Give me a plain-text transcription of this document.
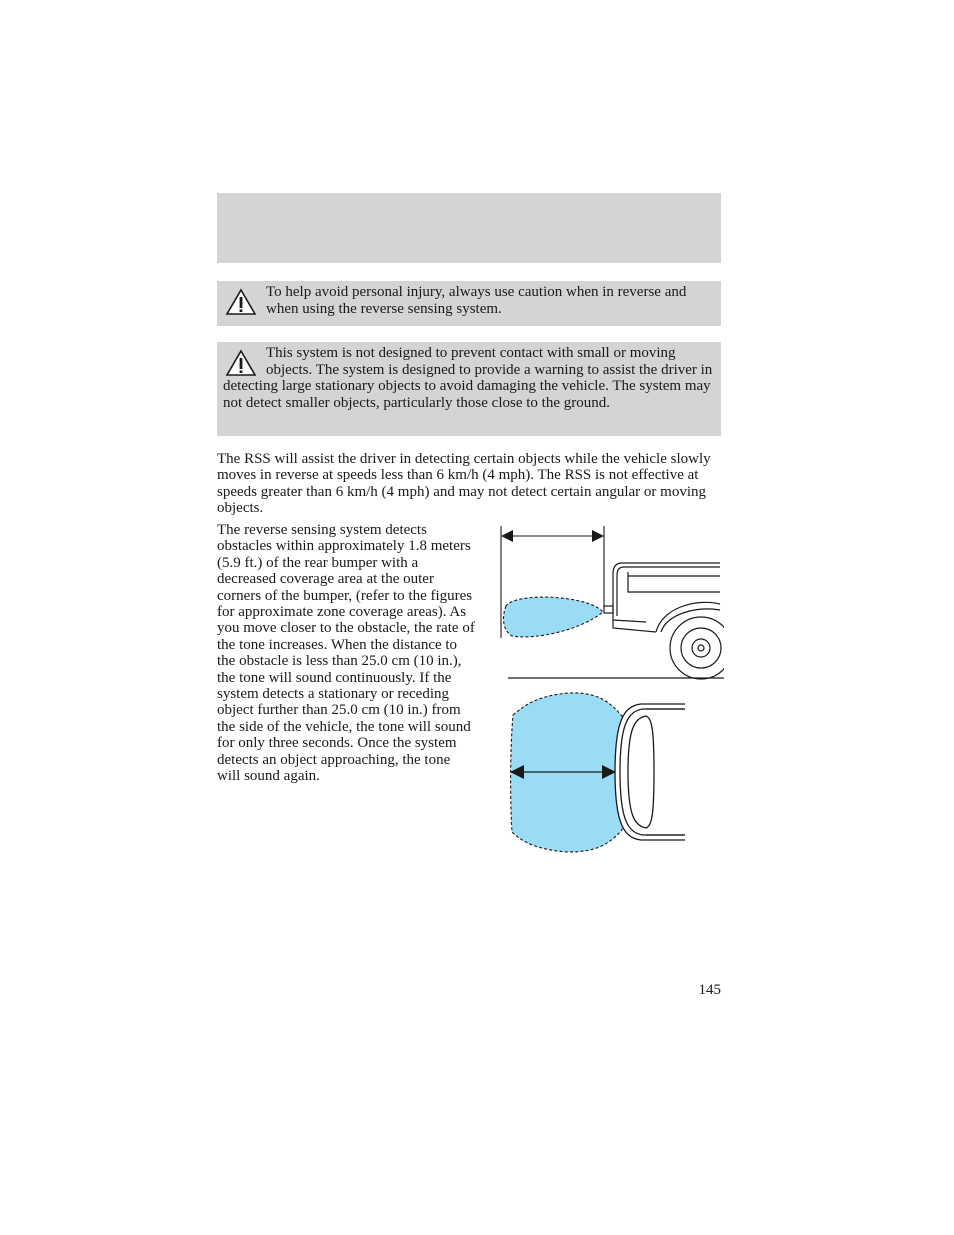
To help avoid personal injury, always use caution when in reverse and when using the reverse sensing system.

This system is not designed to prevent contact with small or moving objects. The system is designed to provide a warning to assist the driver in detecting large stationary objects to avoid damaging the vehicle. The system may not detect smaller objects, particularly those close to the ground.

The RSS will assist the driver in detecting certain objects while the vehicle slowly moves in reverse at speeds less than 6 km/h (4 mph). The RSS is not effective at speeds greater than 6 km/h (4 mph) and may not detect certain angular or moving objects.

The reverse sensing system detects obstacles within approximately 1.8 meters (5.9 ft.) of the rear bumper with a decreased coverage area at the outer corners of the bumper, (refer to the figures for approximate zone coverage areas). As you move closer to the obstacle, the rate of the tone increases. When the distance to the obstacle is less than 25.0 cm (10 in.), the tone will sound continuously. If the system detects a stationary or receding object further than 25.0 cm (10 in.) from the side of the vehicle, the tone will sound for only three seconds. Once the system detects an object approaching, the tone will sound again.

145
